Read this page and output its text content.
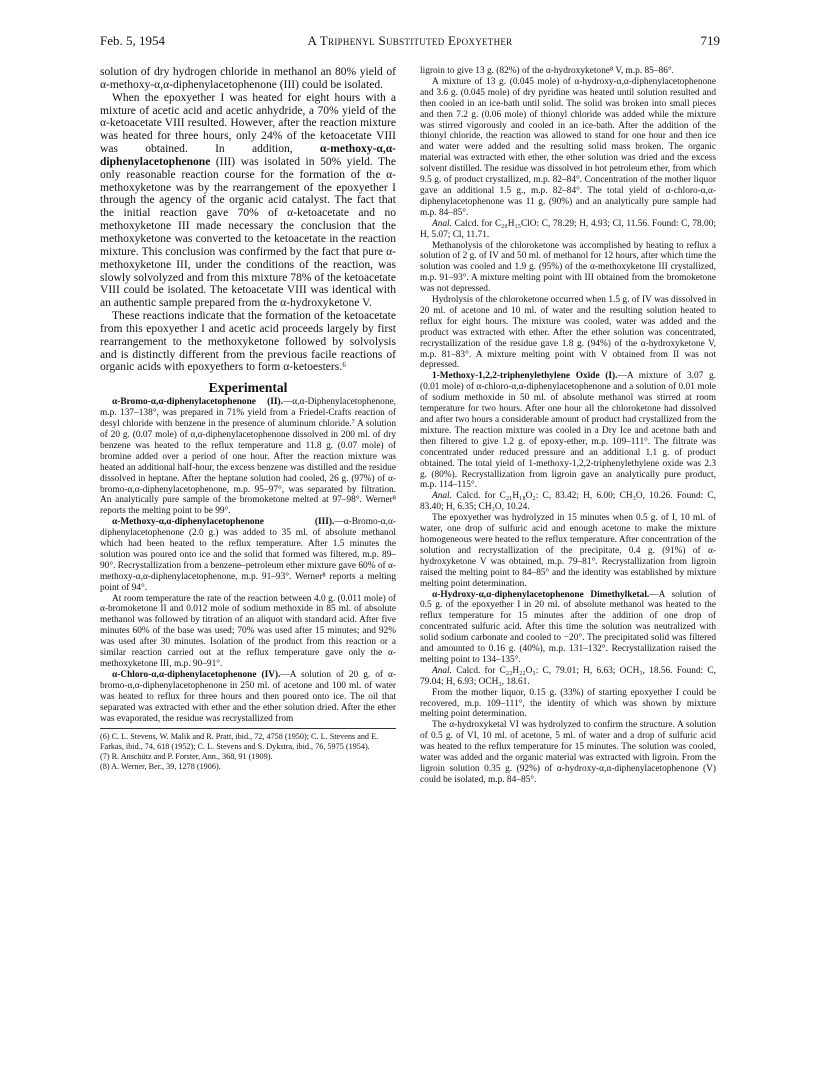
Feb. 5, 1954	A Triphenyl Substituted Epoxyether	719

solution of dry hydrogen chloride in methanol an 80% yield of α-methoxy-α,α-diphenylacetophenone (III) could be isolated.

When the epoxyether I was heated for eight hours with a mixture of acetic acid and acetic anhydride, a 70% yield of the α-ketoacetate VIII resulted. However, after the reaction mixture was heated for three hours, only 24% of the ketoacetate VIII was obtained. In addition, α-methoxy-α,α-diphenylacetophenone (III) was isolated in 50% yield. The only reasonable reaction course for the formation of the α-methoxyketone was by the rearrangement of the epoxyether I through the agency of the organic acid catalyst. The fact that the initial reaction gave 70% of α-ketoacetate and no methoxyketone III made necessary the conclusion that the methoxyketone was converted to the ketoacetate in the reaction mixture. This conclusion was confirmed by the fact that pure α-methoxyketone III, under the conditions of the reaction, was slowly solvolyzed and from this mixture 78% of the ketoacetate VIII could be isolated. The ketoacetate VIII was identical with an authentic sample prepared from the α-hydroxyketone V.

These reactions indicate that the formation of the ketoacetate from this epoxyether I and acetic acid proceeds largely by first rearrangement to the methoxyketone followed by solvolysis and is distinctly different from the previous facile reactions of organic acids with epoxyethers to form α-ketoesters.⁶

Experimental

α-Bromo-α,α-diphenylacetophenone (II).—α,α-Diphenylacetophenone, m.p. 137–138°, was prepared in 71% yield from a Friedel-Crafts reaction of desyl chloride with benzene in the presence of aluminum chloride.⁷ A solution of 20 g. (0.07 mole) of α,α-diphenylacetophenone dissolved in 200 ml. of dry benzene was heated to the reflux temperature and 11.8 g. (0.07 mole) of bromine added over a period of one hour. After the reaction mixture was heated an additional half-hour, the excess benzene was distilled and the residue dissolved in heptane. After the heptane solution had cooled, 26 g. (97%) of α-bromo-α,α-diphenylacetophenone, m.p. 95–97°, was separated by filtration. An analytically pure sample of the bromoketone melted at 97–98°. Werner⁸ reports the melting point to be 99°.

α-Methoxy-α,α-diphenylacetophenone (III).—α-Bromo-α,α-diphenylacetophenone (2.0 g.) was added to 35 ml. of absolute methanol which had been heated to the reflux temperature. After 1.5 minutes the solution was poured onto ice and the solid that formed was filtered, m.p. 89–90°. Recrystallization from a benzene–petroleum ether mixture gave 60% of α-methoxy-α,α-diphenylacetophenone, m.p. 91–93°. Werner⁸ reports a melting point of 94°.

At room temperature the rate of the reaction between 4.0 g. (0.011 mole) of α-bromoketone II and 0.012 mole of sodium methoxide in 85 ml. of absolute methanol was followed by titration of an aliquot with standard acid. After five minutes 60% of the base was used; 70% was used after 15 minutes; and 92% was used after 30 minutes. Isolation of the product from this reaction or a similar reaction carried out at the reflux temperature gave only the α-methoxyketone III, m.p. 90–91°.

α-Chloro-α,α-diphenylacetophenone (IV).—A solution of 20 g. of α-bromo-α,α-diphenylacetophenone in 250 ml. of acetone and 100 ml. of water was heated to reflux for three hours and then poured onto ice. The oil that separated was extracted with ether and the ether solution dried. After the ether was evaporated, the residue was recrystallized from

(6) C. L. Stevens, W. Malik and R. Pratt, ibid., 72, 4758 (1950); C. L. Stevens and E. Farkas, ibid., 74, 618 (1952); C. L. Stevens and S. Dykstra, ibid., 76, 5975 (1954).

(7) R. Anschütz and P. Forster, Ann., 368, 91 (1909).

(8) A. Werner, Ber., 39, 1278 (1906).

ligroin to give 13 g. (82%) of the α-hydroxyketone⁸ V, m.p. 85–86°.

A mixture of 13 g. (0.045 mole) of α-hydroxy-α,α-diphenylacetophenone and 3.6 g. (0.045 mole) of dry pyridine was heated until solution resulted and then cooled in an ice-bath until solid. The solid was broken into small pieces and then 7.2 g. (0.06 mole) of thionyl chloride was added while the mixture was stirred vigorously and cooled in an ice-bath. After the addition of the thionyl chloride, the reaction was allowed to stand for one hour and then ice and water were added and the resulting solid mass broken. The organic material was extracted with ether, the ether solution was dried and the excess solvent distilled. The residue was dissolved in hot petroleum ether, from which 9.5 g. of product crystallized, m.p. 82–84°. Concentration of the mother liquor gave an additional 1.5 g., m.p. 82–84°. The total yield of α-chloro-α,α-diphenylacetophenone was 11 g. (90%) and an analytically pure sample had m.p. 84–85°.

Anal. Calcd. for C₂₀H₁₅ClO: C, 78.29; H, 4.93; Cl, 11.56. Found: C, 78.00; H, 5.07; Cl, 11.71.

Methanolysis of the chloroketone was accomplished by heating to reflux a solution of 2 g. of IV and 50 ml. of methanol for 12 hours, after which time the solution was cooled and 1.9 g. (95%) of the α-methoxyketone III crystallized, m.p. 91–93°. A mixture melting point with III obtained from the bromoketone was not depressed.

Hydrolysis of the chloroketone occurred when 1.5 g. of IV was dissolved in 20 ml. of acetone and 10 ml. of water and the resulting solution heated to reflux for eight hours. The mixture was cooled, water was added and the product was extracted with ether. After the ether solution was concentrated, recrystallization of the residue gave 1.8 g. (94%) of the α-hydroxyketone V, m.p. 81–83°. A mixture melting point with V obtained from II was not depressed.

1-Methoxy-1,2,2-triphenylethylene Oxide (I).—A mixture of 3.07 g. (0.01 mole) of α-chloro-α,α-diphenylacetophenone and a solution of 0.01 mole of sodium methoxide in 50 ml. of absolute methanol was stirred at room temperature for two hours. After one hour all the chloroketone had dissolved and after two hours a considerable amount of product had crystallized from the mixture. The reaction mixture was cooled in a Dry Ice and acetone bath and then filtered to give 1.2 g. of epoxy-ether, m.p. 109–111°. The filtrate was concentrated under reduced pressure and an additional 1.1 g. of product obtained. The total yield of 1-methoxy-1,2,2-triphenylethylene oxide was 2.3 g. (80%). Recrystallization from ligroin gave an analytically pure product, m.p. 114–115°.

Anal. Calcd. for C₂₁H₁₈O₂: C, 83.42; H, 6.00; CH₃O, 10.26. Found: C, 83.40; H, 6.35; CH₃O, 10.24.

The epoxyether was hydrolyzed in 15 minutes when 0.5 g. of I, 10 ml. of water, one drop of sulfuric acid and enough acetone to make the mixture homogeneous were heated to the reflux temperature. After concentration of the solution and recrystallization of the precipitate, 0.4 g. (91%) of α-hydroxyketone V was obtained, m.p. 79–81°. Recrystallization from ligroin raised the melting point to 84–85° and the identity was established by mixture melting point determination.

α-Hydroxy-α,α-diphenylacetophenone Dimethylketal.—A solution of 0.5 g. of the epoxyether I in 20 ml. of absolute methanol was heated to the reflux temperature for 15 minutes after the addition of one drop of concentrated sulfuric acid. After this time the solution was neutralized with solid sodium carbonate and cooled to −20°. The precipitated solid was filtered and amounted to 0.16 g. (40%), m.p. 131–132°. Recrystallization raised the melting point to 134–135°.

Anal. Calcd. for C₂₂H₂₂O₃: C, 79.01; H, 6.63; OCH₃, 18.56. Found: C, 79.04; H, 6.93; OCH₃, 18.61.

From the mother liquor, 0.15 g. (33%) of starting epoxyether I could be recovered, m.p. 109–111°, the identity of which was shown by mixture melting point determination.

The α-hydroxyketal VI was hydrolyzed to confirm the structure. A solution of 0.5 g. of VI, 10 ml. of acetone, 5 ml. of water and a drop of sulfuric acid was heated to the reflux temperature for 15 minutes. The solution was cooled, water was added and the organic material was extracted with ligroin. From the ligroin solution 0.35 g. (92%) of α-hydroxy-α,α-diphenylacetophenone (V) could be isolated, m.p. 84–85°.
